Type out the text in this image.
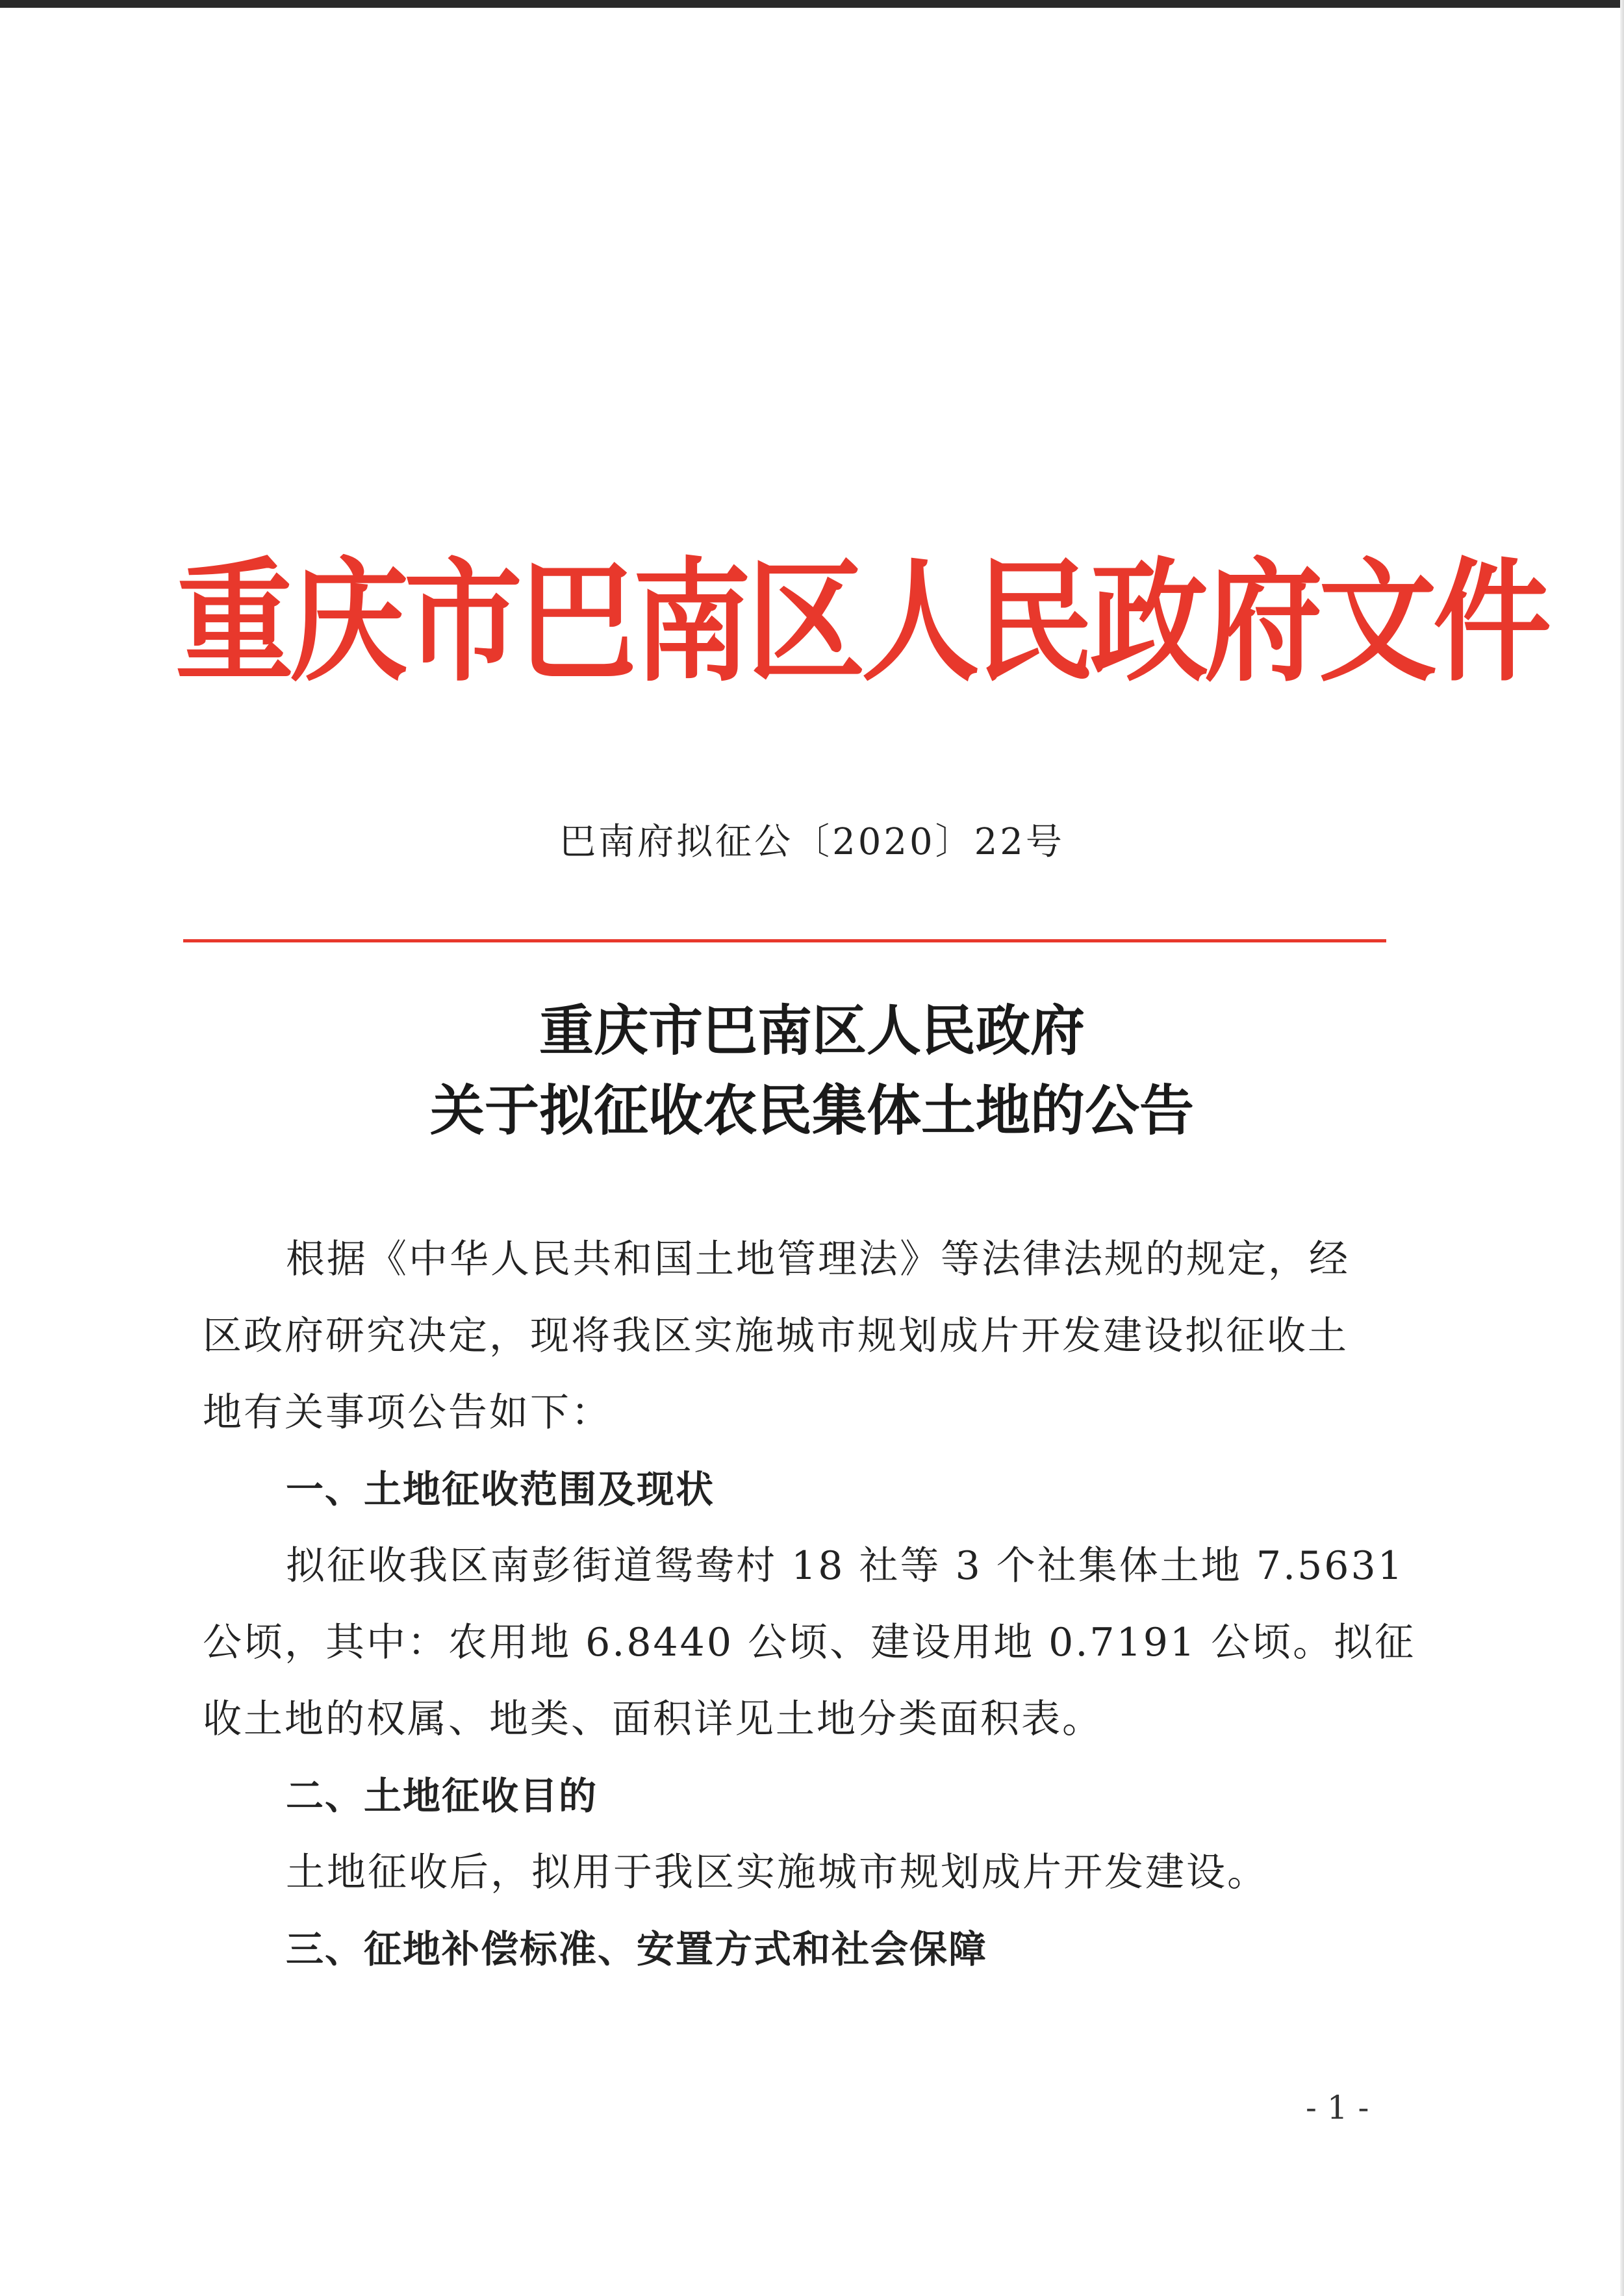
重庆市巴南区人民政府文件
巴南府拟征公〔2020〕22号
重庆市巴南区人民政府
关于拟征收农民集体土地的公告
根据《中华人民共和国土地管理法》等法律法规的规定，经
区政府研究决定，现将我区实施城市规划成片开发建设拟征收土
地有关事项公告如下：
一、土地征收范围及现状
拟征收我区南彭街道鸳鸯村 18 社等 3 个社集体土地 7.5631
公顷，其中：农用地 6.8440 公顷、建设用地 0.7191 公顷。拟征
收土地的权属、地类、面积详见土地分类面积表。
二、土地征收目的
土地征收后，拟用于我区实施城市规划成片开发建设。
三、征地补偿标准、安置方式和社会保障
- 1 -
